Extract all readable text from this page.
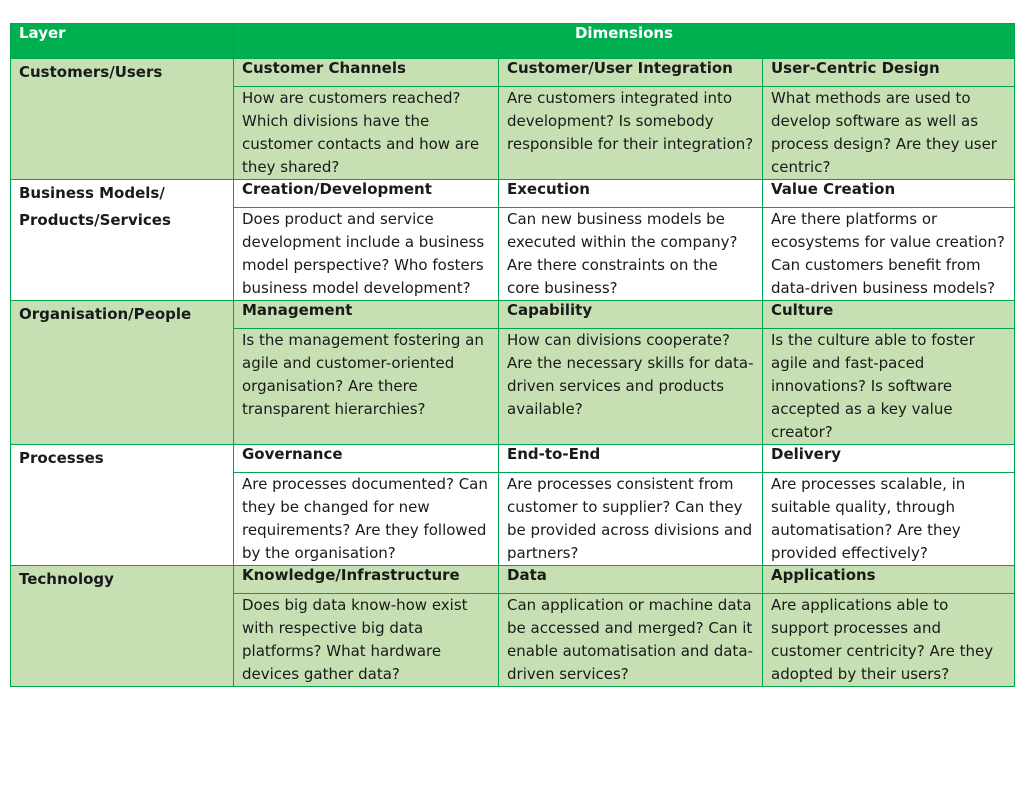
Layer	Dimensions		
Customers/Users	Customer Channels	Customer/User Integration	User-Centric Design
	How are customers reached? Which divisions have the customer contacts and how are they shared?	Are customers integrated into development? Is somebody responsible for their integration?	What methods are used to develop software as well as process design? Are they user centric?
Business Models/ Products/Services	Creation/Development	Execution	Value Creation
	Does product and service development include a business model perspective? Who fosters business model development?	Can new business models be executed within the company? Are there constraints on the core business?	Are there platforms or ecosystems for value creation? Can customers benefit from data-driven business models?
Organisation/People	Management	Capability	Culture
	Is the management fostering an agile and customer-oriented organisation? Are there transparent hierarchies?	How can divisions cooperate? Are the necessary skills for data-driven services and products available?	Is the culture able to foster agile and fast-paced innovations? Is software accepted as a key value creator?
Processes	Governance	End-to-End	Delivery
	Are processes documented? Can they be changed for new requirements? Are they followed by the organisation?	Are processes consistent from customer to supplier? Can they be provided across divisions and partners?	Are processes scalable, in suitable quality, through automatisation? Are they provided effectively?
Technology	Knowledge/Infrastructure	Data	Applications
	Does big data know-how exist with respective big data platforms? What hardware devices gather data?	Can application or machine data be accessed and merged? Can it enable automatisation and data-driven services?	Are applications able to support processes and customer centricity? Are they adopted by their users?
